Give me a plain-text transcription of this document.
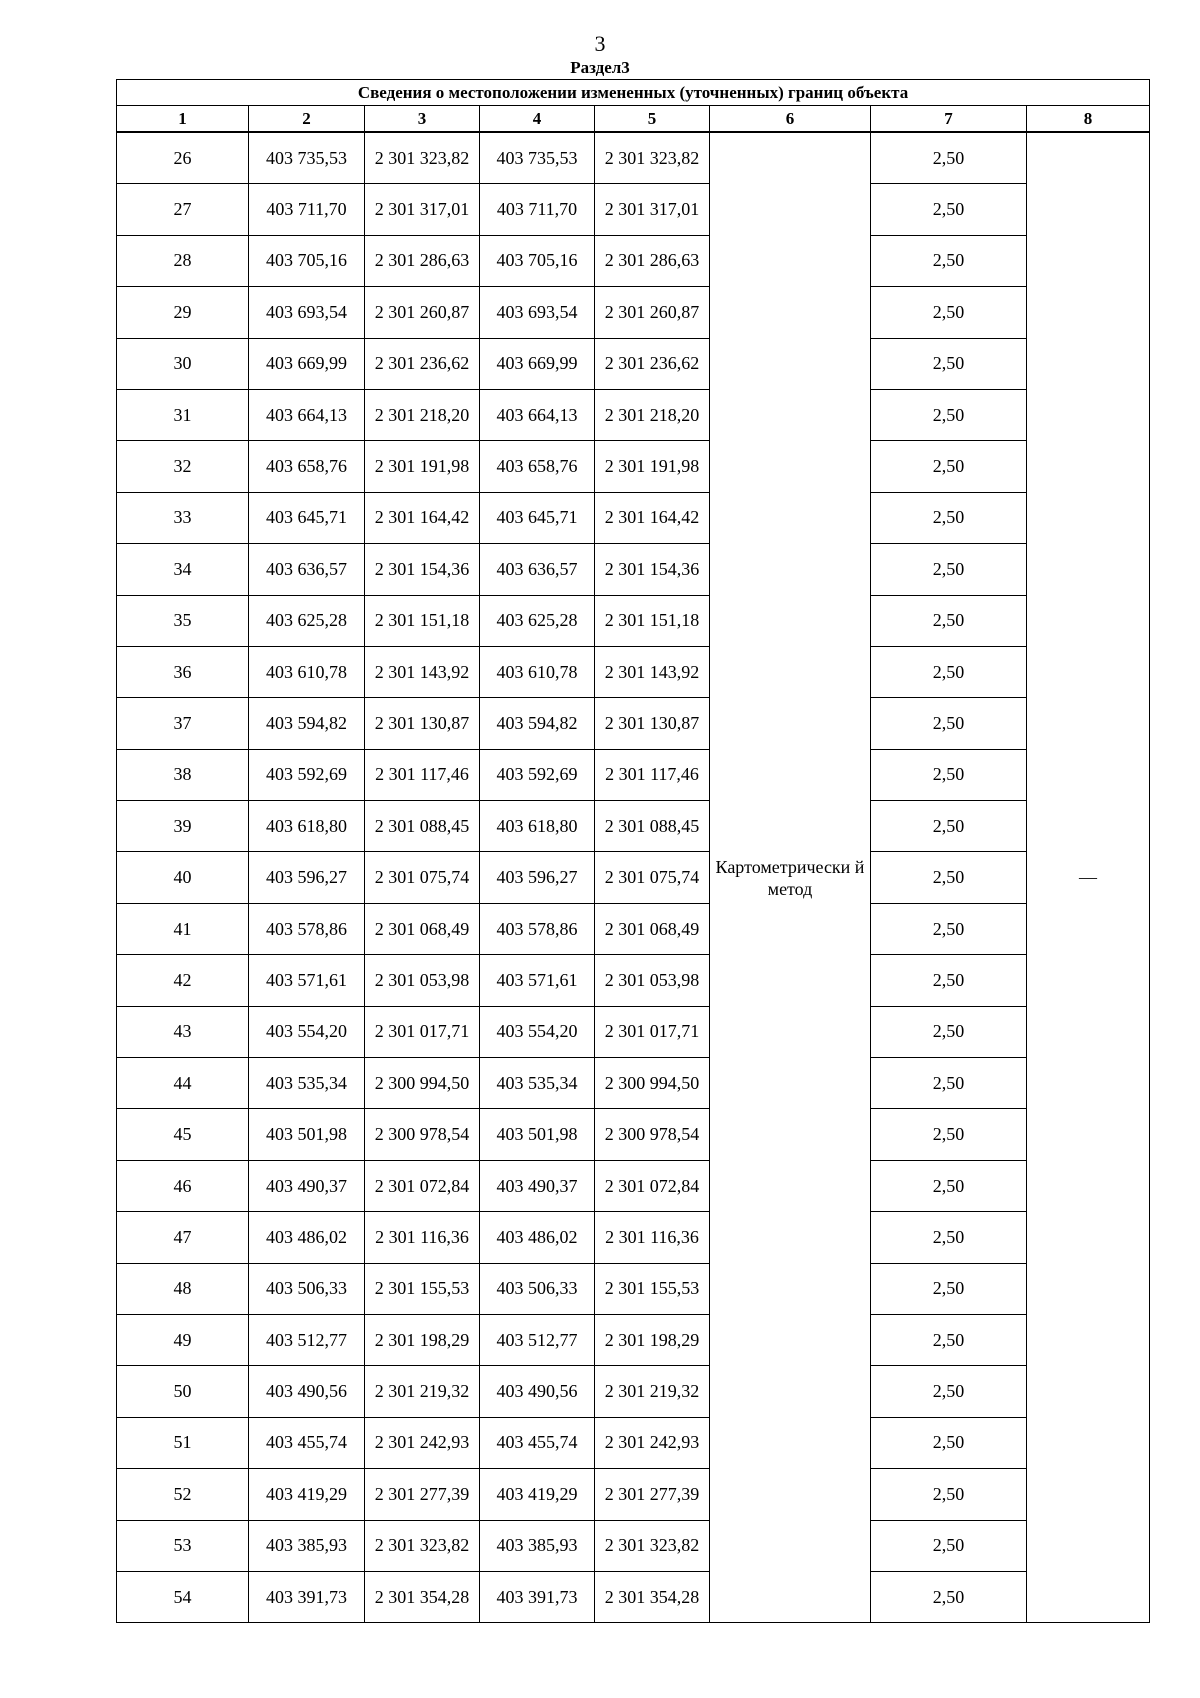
3
Раздел3
Сведения о местоположении измененных (уточненных) границ объекта							
1	2	3	4	5	6	7	8
26	403 735,53	2 301 323,82	403 735,53	2 301 323,82	Картометрически й метод	2,50	—
27	403 711,70	2 301 317,01	403 711,70	2 301 317,01		2,50	
28	403 705,16	2 301 286,63	403 705,16	2 301 286,63		2,50	
29	403 693,54	2 301 260,87	403 693,54	2 301 260,87		2,50	
30	403 669,99	2 301 236,62	403 669,99	2 301 236,62		2,50	
31	403 664,13	2 301 218,20	403 664,13	2 301 218,20		2,50	
32	403 658,76	2 301 191,98	403 658,76	2 301 191,98		2,50	
33	403 645,71	2 301 164,42	403 645,71	2 301 164,42		2,50	
34	403 636,57	2 301 154,36	403 636,57	2 301 154,36		2,50	
35	403 625,28	2 301 151,18	403 625,28	2 301 151,18		2,50	
36	403 610,78	2 301 143,92	403 610,78	2 301 143,92		2,50	
37	403 594,82	2 301 130,87	403 594,82	2 301 130,87		2,50	
38	403 592,69	2 301 117,46	403 592,69	2 301 117,46		2,50	
39	403 618,80	2 301 088,45	403 618,80	2 301 088,45		2,50	
40	403 596,27	2 301 075,74	403 596,27	2 301 075,74		2,50	
41	403 578,86	2 301 068,49	403 578,86	2 301 068,49		2,50	
42	403 571,61	2 301 053,98	403 571,61	2 301 053,98		2,50	
43	403 554,20	2 301 017,71	403 554,20	2 301 017,71		2,50	
44	403 535,34	2 300 994,50	403 535,34	2 300 994,50		2,50	
45	403 501,98	2 300 978,54	403 501,98	2 300 978,54		2,50	
46	403 490,37	2 301 072,84	403 490,37	2 301 072,84		2,50	
47	403 486,02	2 301 116,36	403 486,02	2 301 116,36		2,50	
48	403 506,33	2 301 155,53	403 506,33	2 301 155,53		2,50	
49	403 512,77	2 301 198,29	403 512,77	2 301 198,29		2,50	
50	403 490,56	2 301 219,32	403 490,56	2 301 219,32		2,50	
51	403 455,74	2 301 242,93	403 455,74	2 301 242,93		2,50	
52	403 419,29	2 301 277,39	403 419,29	2 301 277,39		2,50	
53	403 385,93	2 301 323,82	403 385,93	2 301 323,82		2,50	
54	403 391,73	2 301 354,28	403 391,73	2 301 354,28		2,50	
